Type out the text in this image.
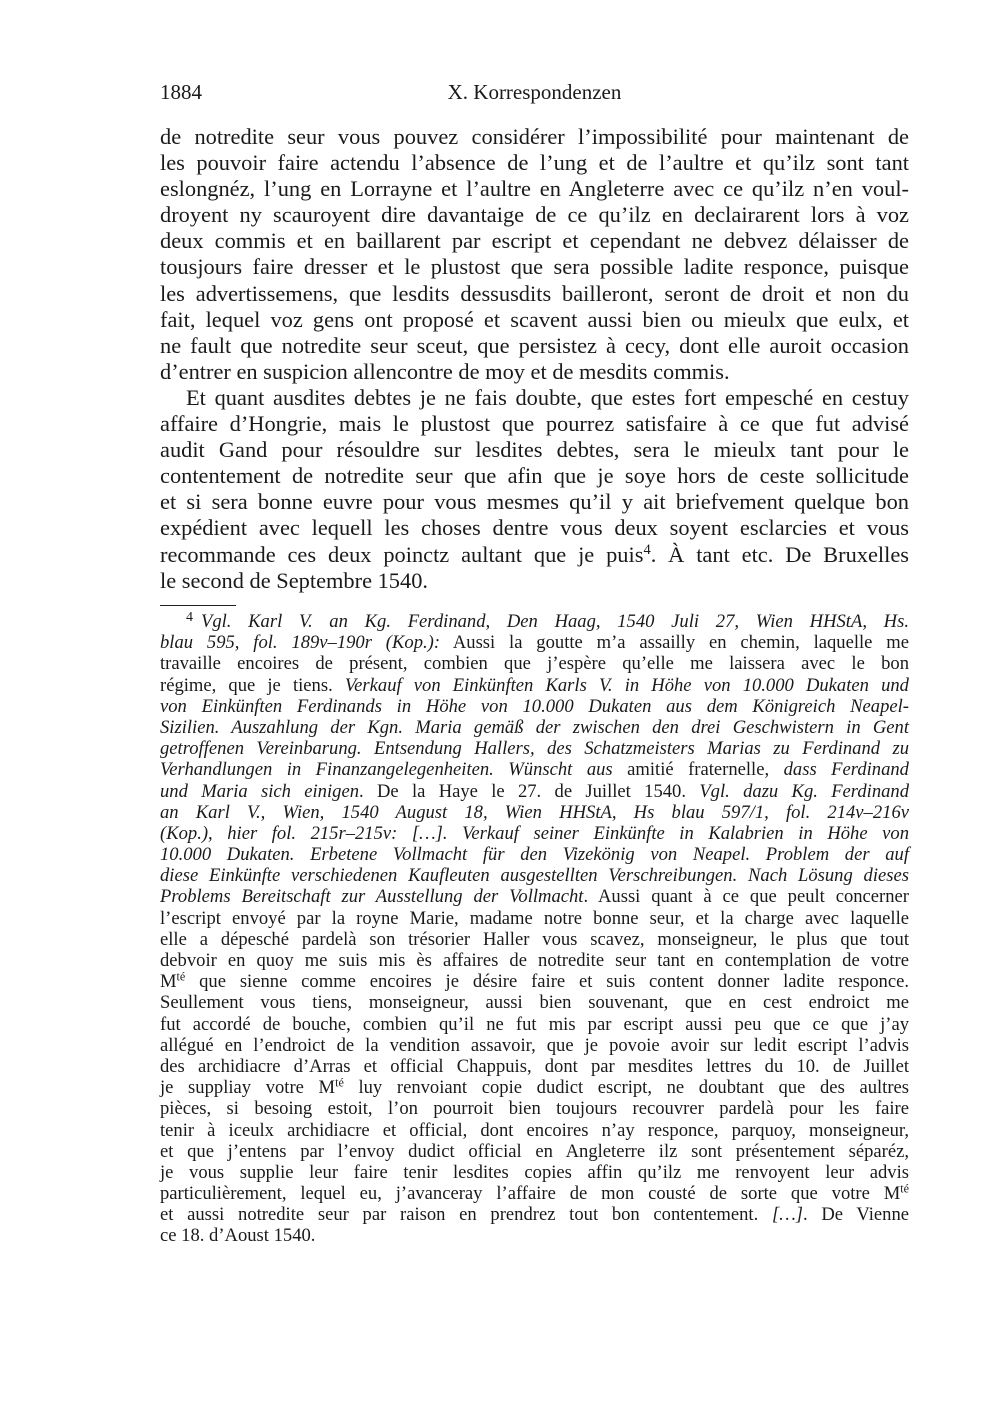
1884	X. Korrespondenzen
de notredite seur vous pouvez considérer l’impossibilité pour maintenant de
les pouvoir faire actendu l’absence de l’ung et de l’aultre et qu’ilz sont tant
eslongnéz, l’ung en Lorrayne et l’aultre en Angleterre avec ce qu’ilz n’en voul-
droyent ny scauroyent dire davantaige de ce qu’ilz en declairarent lors à voz
deux commis et en baillarent par escript et cependant ne debvez délaisser de
tousjours faire dresser et le plustost que sera possible ladite responce, puisque
les advertissemens, que lesdits dessusdits bailleront, seront de droit et non du
fait, lequel voz gens ont proposé et scavent aussi bien ou mieulx que eulx, et
ne fault que notredite seur sceut, que persistez à cecy, dont elle auroit occasion
d’entrer en suspicion allencontre de moy et de mesdits commis.
Et quant ausdites debtes je ne fais doubte, que estes fort empesché en cestuy
affaire d’Hongrie, mais le plustost que pourrez satisfaire à ce que fut advisé
audit Gand pour résouldre sur lesdites debtes, sera le mieulx tant pour le
contentement de notredite seur que afin que je soye hors de ceste sollicitude
et si sera bonne euvre pour vous mesmes qu’il y ait briefvement quelque bon
expédient avec lequell les choses dentre vous deux soyent esclarcies et vous
recommande ces deux poinctz aultant que je puis$^4$. À tant etc. De Bruxelles
le second de Septembre 1540.
$^4$ Vgl. Karl V. an Kg. Ferdinand, Den Haag, 1540 Juli 27, Wien HHStA, Hs.
blau 595, fol. 189v–190r (Kop.): Aussi la goutte m’a assailly en chemin, laquelle me
travaille encoires de présent, combien que j’espère qu’elle me laissera avec le bon
régime, que je tiens. Verkauf von Einkünften Karls V. in Höhe von 10.000 Dukaten und
von Einkünften Ferdinands in Höhe von 10.000 Dukaten aus dem Königreich Neapel-
Sizilien. Auszahlung der Kgn. Maria gemäß der zwischen den drei Geschwistern in Gent
getroffenen Vereinbarung. Entsendung Hallers, des Schatzmeisters Marias zu Ferdinand zu
Verhandlungen in Finanzangelegenheiten. Wünscht aus amitié fraternelle, dass Ferdinand
und Maria sich einigen. De la Haye le 27. de Juillet 1540. Vgl. dazu Kg. Ferdinand
an Karl V., Wien, 1540 August 18, Wien HHStA, Hs blau 597/1, fol. 214v–216v
(Kop.), hier fol. 215r–215v: […]. Verkauf seiner Einkünfte in Kalabrien in Höhe von
10.000 Dukaten. Erbetene Vollmacht für den Vizekönig von Neapel. Problem der auf
diese Einkünfte verschiedenen Kaufleuten ausgestellten Verschreibungen. Nach Lösung dieses
Problems Bereitschaft zur Ausstellung der Vollmacht. Aussi quant à ce que peult concerner
l’escript envoyé par la royne Marie, madame notre bonne seur, et la charge avec laquelle
elle a dépesché pardelà son trésorier Haller vous scavez, monseigneur, le plus que tout
debvoir en quoy me suis mis ès affaires de notredite seur tant en contemplation de votre
$M^{té}$ que sienne comme encoires je désire faire et suis content donner ladite responce.
Seullement vous tiens, monseigneur, aussi bien souvenant, que en cest endroict me
fut accordé de bouche, combien qu’il ne fut mis par escript aussi peu que ce que j’ay
allégué en l’endroict de la vendition assavoir, que je povoie avoir sur ledit escript l’advis
des archidiacre d’Arras et official Chappuis, dont par mesdites lettres du 10. de Juillet
je suppliay votre $M^{té}$ luy renvoiant copie dudict escript, ne doubtant que des aultres
pièces, si besoing estoit, l’on pourroit bien toujours recouvrer pardelà pour les faire
tenir à iceulx archidiacre et official, dont encoires n’ay responce, parquoy, monseigneur,
et que j’entens par l’envoy dudict official en Angleterre ilz sont présentement séparéz,
je vous supplie leur faire tenir lesdites copies affin qu’ilz me renvoyent leur advis
particulièrement, lequel eu, j’avanceray l’affaire de mon cousté de sorte que votre $M^{té}$
et aussi notredite seur par raison en prendrez tout bon contentement. […]. De Vienne
ce 18. d’Aoust 1540.
